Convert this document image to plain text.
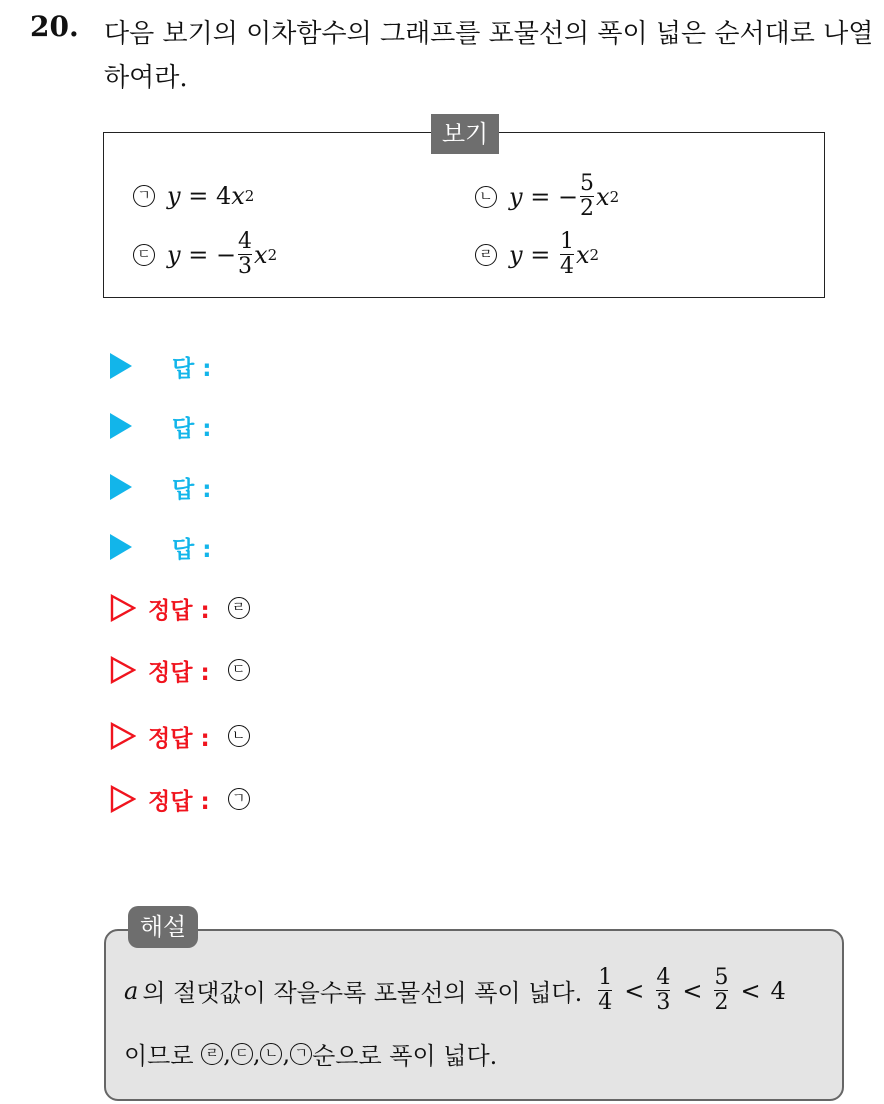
20. 다음 보기의 이차함수의 그래프를 포물선의 폭이 넓은 순서대로 나열
하여라.
보기
ㄱ y = 4 x 2	ㄴ y = − $\frac{5}{2}$ x 2
ㄷ y = − $\frac{4}{3}$ x 2	ㄹ $y = \frac{1}{4}$ x 2
답 :
답 :
답 :
답 :
정답 :	ㄹ
정답 :	ㄷ
정답 :	ㄴ
정답 :	ㄱ
해설
a 의 절댓값이 작을수록 포물선의 폭이 넓다. $\frac{1}{4} < \frac{4}{3} < \frac{5}{2} < 4$
이므로 ㄹ , ㄷ , ㄴ , ㄱ 순으로 폭이 넓다.
